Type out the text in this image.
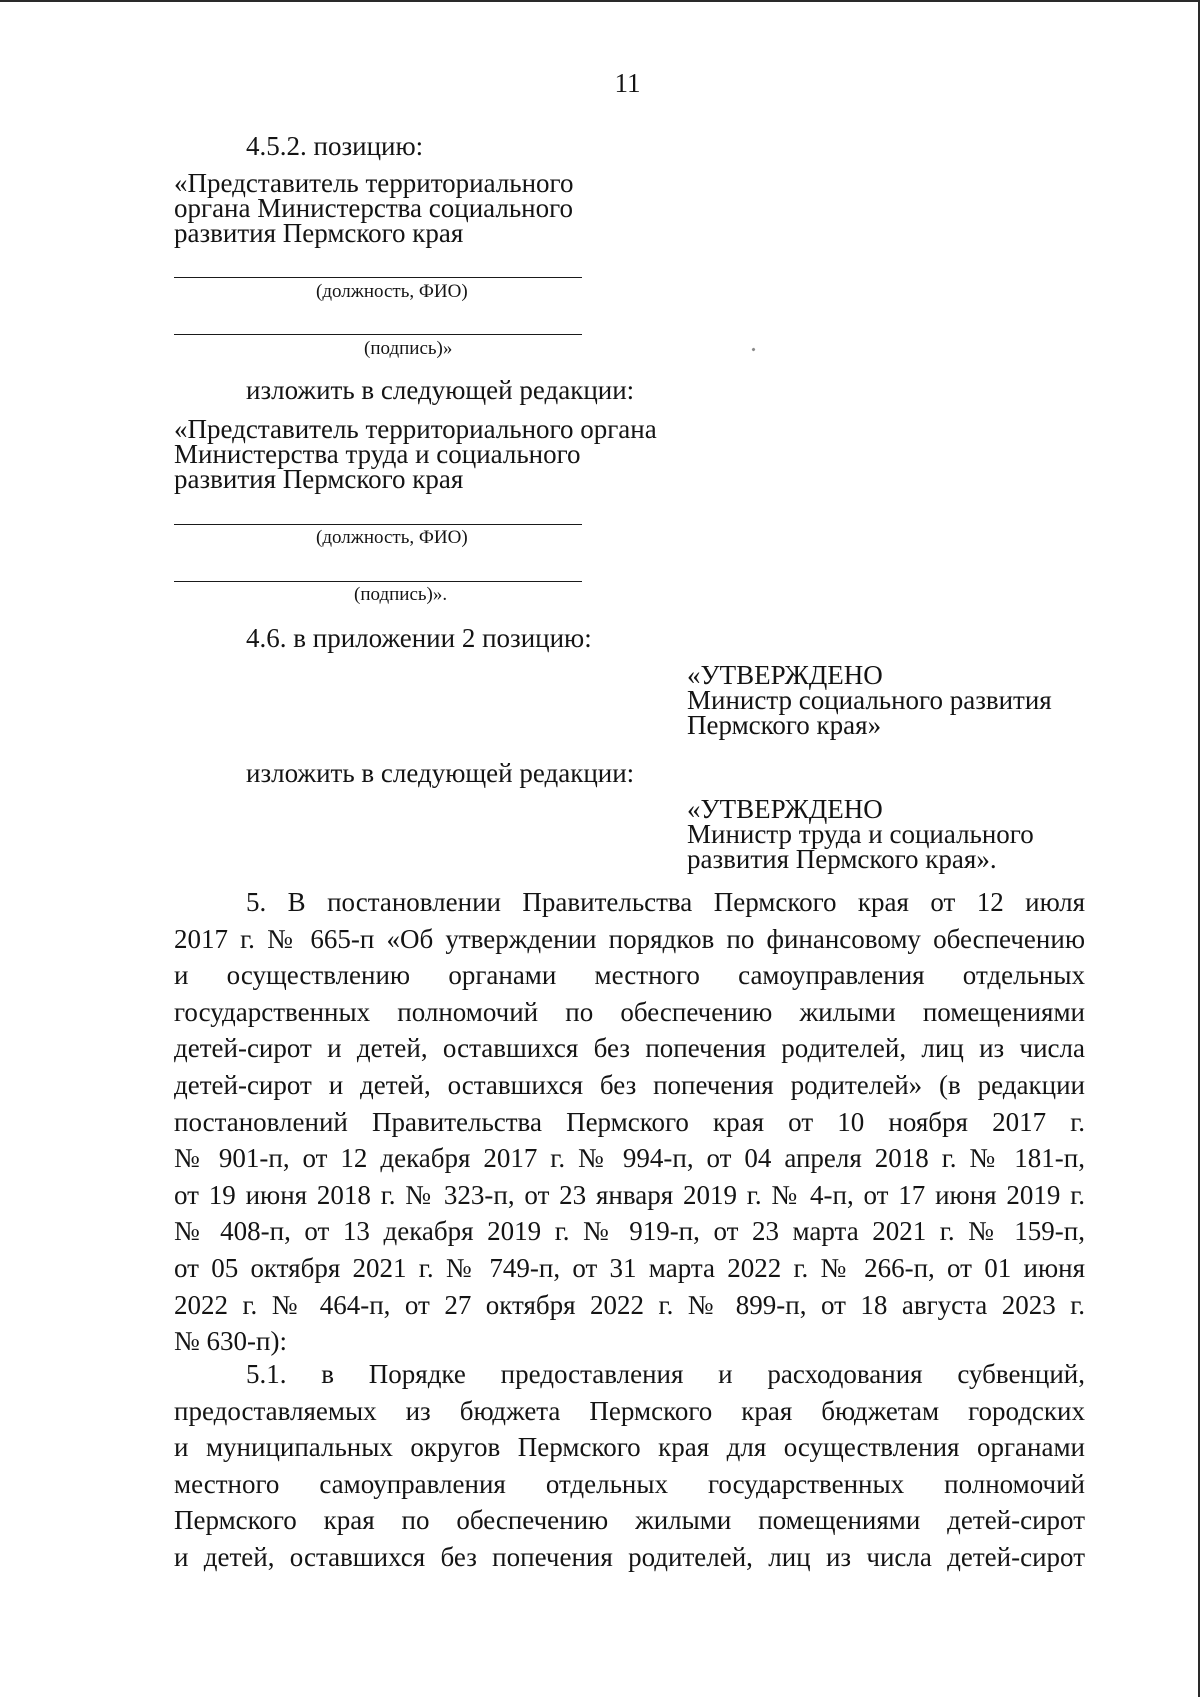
11
4.5.2. позицию:
«Представитель территориального
органа Министерства социального
развития Пермского края
(должность, ФИО)
(подпись)»
изложить в следующей редакции:
«Представитель территориального органа
Министерства труда и социального
развития Пермского края
(должность, ФИО)
(подпись)».
4.6. в приложении 2 позицию:
«УТВЕРЖДЕНО
Министр социального развития
Пермского края»
изложить в следующей редакции:
«УТВЕРЖДЕНО
Министр труда и социального
развития Пермского края».
5. В постановлении Правительства Пермского края от 12 июля
2017 г. № 665-п «Об утверждении порядков по финансовому обеспечению
и осуществлению органами местного самоуправления отдельных
государственных полномочий по обеспечению жилыми помещениями
детей-сирот и детей, оставшихся без попечения родителей, лиц из числа
детей-сирот и детей, оставшихся без попечения родителей» (в редакции
постановлений Правительства Пермского края от 10 ноября 2017 г.
№ 901-п, от 12 декабря 2017 г. № 994-п, от 04 апреля 2018 г. № 181-п,
от 19 июня 2018 г. № 323-п, от 23 января 2019 г. № 4-п, от 17 июня 2019 г.
№ 408-п, от 13 декабря 2019 г. № 919-п, от 23 марта 2021 г. № 159-п,
от 05 октября 2021 г. № 749-п, от 31 марта 2022 г. № 266-п, от 01 июня
2022 г. № 464-п, от 27 октября 2022 г. № 899-п, от 18 августа 2023 г.
№ 630-п):
5.1. в Порядке предоставления и расходования субвенций,
предоставляемых из бюджета Пермского края бюджетам городских
и муниципальных округов Пермского края для осуществления органами
местного самоуправления отдельных государственных полномочий
Пермского края по обеспечению жилыми помещениями детей-сирот
и детей, оставшихся без попечения родителей, лиц из числа детей-сирот
